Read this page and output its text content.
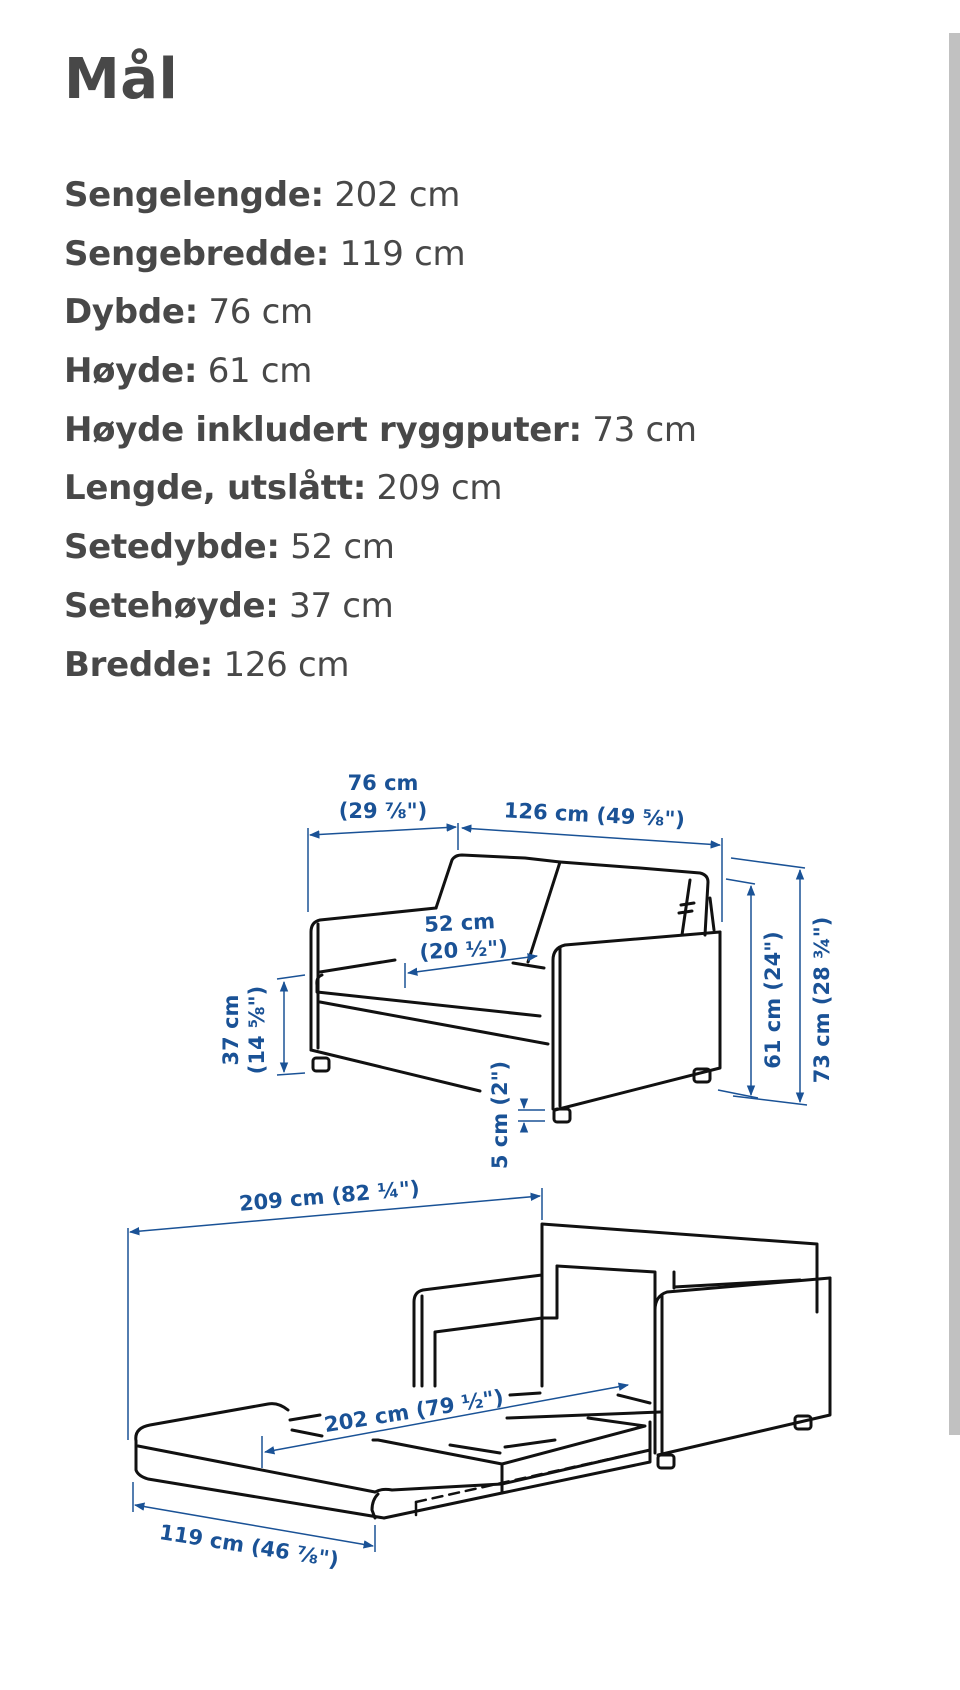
Mål
Sengelengde: 202 cm
Sengebredde: 119 cm
Dybde: 76 cm
Høyde: 61 cm
Høyde inkludert ryggputer: 73 cm
Lengde, utslått: 209 cm
Setedybde: 52 cm
Setehøyde: 37 cm
Bredde: 126 cm
76 cm
(29 ⅞")	126 cm (49 ⅝")
52 cm
(20 ½")
37 cm (14 ⅝")	61 cm (24") 73 cm (28 ¾")
5 cm (2")
209 cm (82 ¼")
202 cm (79 ½")
119 cm (46 ⅞")
